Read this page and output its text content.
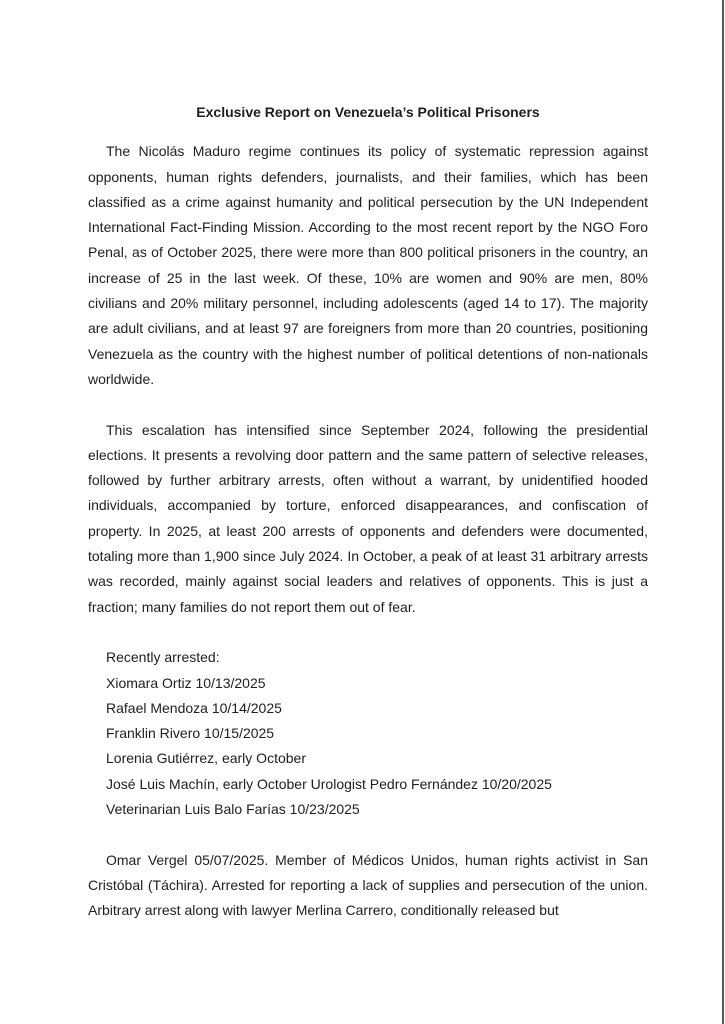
Exclusive Report on Venezuela’s Political Prisoners

The Nicolás Maduro regime continues its policy of systematic repression against opponents, human rights defenders, journalists, and their families, which has been classified as a crime against humanity and political persecution by the UN Independent International Fact-Finding Mission. According to the most recent report by the NGO Foro Penal, as of October 2025, there were more than 800 political prisoners in the country, an increase of 25 in the last week. Of these, 10% are women and 90% are men, 80% civilians and 20% military personnel, including adolescents (aged 14 to 17). The majority are adult civilians, and at least 97 are foreigners from more than 20 countries, positioning Venezuela as the country with the highest number of political detentions of non-nationals worldwide.

This escalation has intensified since September 2024, following the presidential elections. It presents a revolving door pattern and the same pattern of selective releases, followed by further arbitrary arrests, often without a warrant, by unidentified hooded individuals, accompanied by torture, enforced disappearances, and confiscation of property. In 2025, at least 200 arrests of opponents and defenders were documented, totaling more than 1,900 since July 2024. In October, a peak of at least 31 arbitrary arrests was recorded, mainly against social leaders and relatives of opponents. This is just a fraction; many families do not report them out of fear.

Recently arrested:
Xiomara Ortiz 10/13/2025
Rafael Mendoza 10/14/2025
Franklin Rivero 10/15/2025
Lorenia Gutiérrez, early October
José Luis Machín, early October Urologist Pedro Fernández 10/20/2025
Veterinarian Luis Balo Farías 10/23/2025

Omar Vergel 05/07/2025. Member of Médicos Unidos, human rights activist in San Cristóbal (Táchira). Arrested for reporting a lack of supplies and persecution of the union. Arbitrary arrest along with lawyer Merlina Carrero, conditionally released but
